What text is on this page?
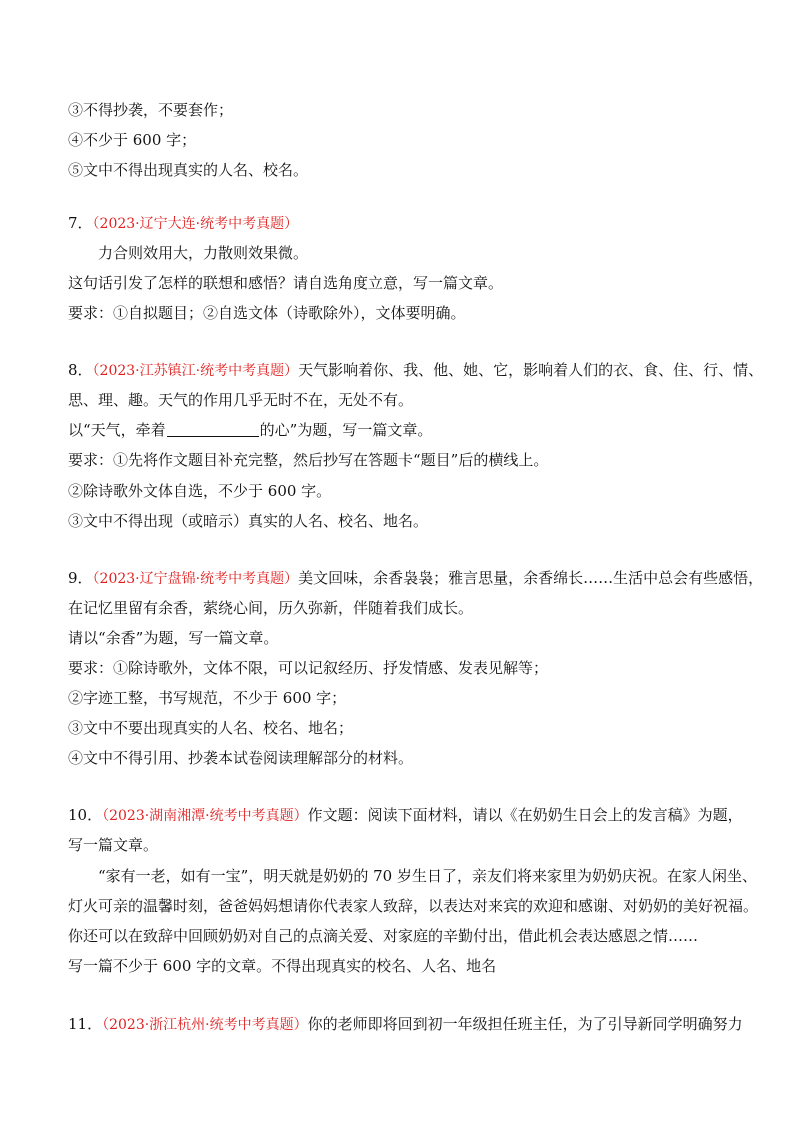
③不得抄袭，不要套作；
④不少于 600 字；
⑤文中不得出现真实的人名、校名。
7．（2023·辽宁大连·统考中考真题）
力合则效用大，力散则效果微。
这句话引发了怎样的联想和感悟？请自选角度立意，写一篇文章。
要求：①自拟题目；②自选文体（诗歌除外），文体要明确。
8．（2023·江苏镇江·统考中考真题）天气影响着你、我、他、她、它，影响着人们的衣、食、住、行、情、
思、理、趣。天气的作用几乎无时不在，无处不有。
以“天气，牵着	的心”为题，写一篇文章。
要求：①先将作文题目补充完整，然后抄写在答题卡“题目”后的横线上。
②除诗歌外文体自选，不少于 600 字。
③文中不得出现（或暗示）真实的人名、校名、地名。
9．（2023·辽宁盘锦·统考中考真题）美文回味，余香袅袅；雅言思量，余香绵长……生活中总会有些感悟，
在记忆里留有余香，萦绕心间，历久弥新，伴随着我们成长。
请以“余香”为题，写一篇文章。
要求：①除诗歌外，文体不限，可以记叙经历、抒发情感、发表见解等；
②字迹工整，书写规范，不少于 600 字；
③文中不要出现真实的人名、校名、地名；
④文中不得引用、抄袭本试卷阅读理解部分的材料。
10．（2023·湖南湘潭·统考中考真题）作文题：阅读下面材料，请以《在奶奶生日会上的发言稿》为题，
写一篇文章。
“家有一老，如有一宝”，明天就是奶奶的 70 岁生日了，亲友们将来家里为奶奶庆祝。在家人闲坐、
灯火可亲的温馨时刻，爸爸妈妈想请你代表家人致辞，以表达对来宾的欢迎和感谢、对奶奶的美好祝福。
你还可以在致辞中回顾奶奶对自己的点滴关爱、对家庭的辛勤付出，借此机会表达感恩之情……
写一篇不少于 600 字的文章。不得出现真实的校名、人名、地名
11．（2023·浙江杭州·统考中考真题）你的老师即将回到初一年级担任班主任，为了引导新同学明确努力
